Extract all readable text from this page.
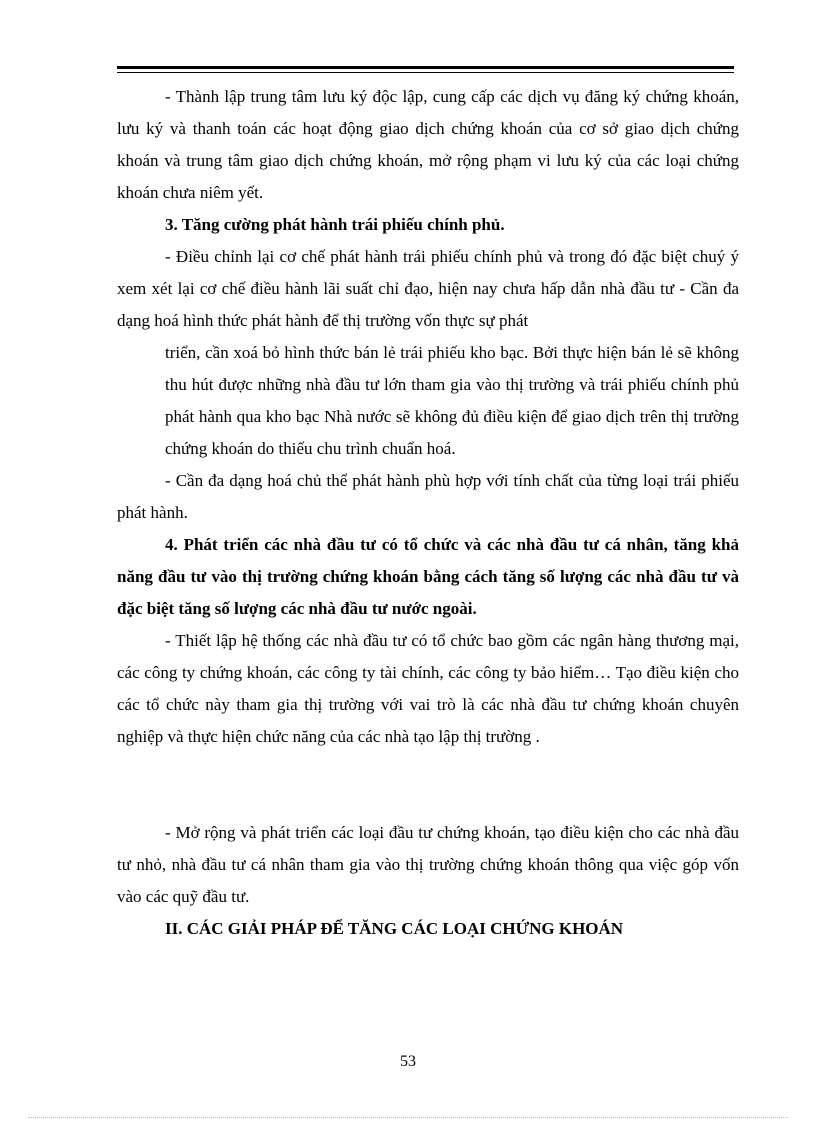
- Thành lập trung tâm lưu ký độc lập, cung cấp các dịch vụ đăng ký chứng khoán, lưu ký và thanh toán các hoạt động giao dịch chứng khoán của cơ sở giao dịch chứng khoán và trung tâm giao dịch chứng khoán, mở rộng phạm vi lưu ký của các loại chứng khoán chưa niêm yết.

3. Tăng cường phát hành trái phiếu chính phủ.

- Điều chỉnh lại cơ chế phát hành trái phiếu chính phủ và trong đó đặc biệt chuý ý xem xét lại cơ chế điều hành lãi suất chỉ đạo, hiện nay chưa hấp dẫn nhà đầu tư - Cần đa dạng hoá hình thức phát hành để thị trường vốn thực sự phát

triển, cần xoá bỏ hình thức bán lẻ trái phiếu kho bạc. Bởi thực hiện bán lẻ sẽ không thu hút được những nhà đầu tư lớn tham gia vào thị trường và trái phiếu chính phủ phát hành qua kho bạc Nhà nước sẽ không đủ điều kiện để giao dịch trên thị trường chứng khoán do thiếu chu trình chuẩn hoá.

- Cần đa dạng hoá chủ thể phát hành phù hợp với tính chất của từng loại trái phiếu phát hành.

4. Phát triển các nhà đầu tư có tổ chức và các nhà đầu tư cá nhân, tăng khả năng đầu tư vào thị trường chứng khoán bằng cách tăng số lượng các nhà đầu tư và đặc biệt tăng số lượng các nhà đầu tư nước ngoài.

- Thiết lập hệ thống các nhà đầu tư có tổ chức bao gồm các ngân hàng thương mại, các công ty chứng khoán, các công ty tài chính, các công ty bảo hiểm… Tạo điều kiện cho các tổ chức này tham gia thị trường với vai trò là các nhà đầu tư chứng khoán chuyên nghiệp và thực hiện chức năng của các nhà tạo lập thị trường .

- Mở rộng và phát triển các loại đầu tư chứng khoán, tạo điều kiện cho các nhà đầu tư nhỏ, nhà đầu tư cá nhân tham gia vào thị trường chứng khoán thông qua việc góp vốn vào các quỹ đầu tư.

II. CÁC GIẢI PHÁP ĐỂ TĂNG CÁC LOẠI CHỨNG KHOÁN

53
